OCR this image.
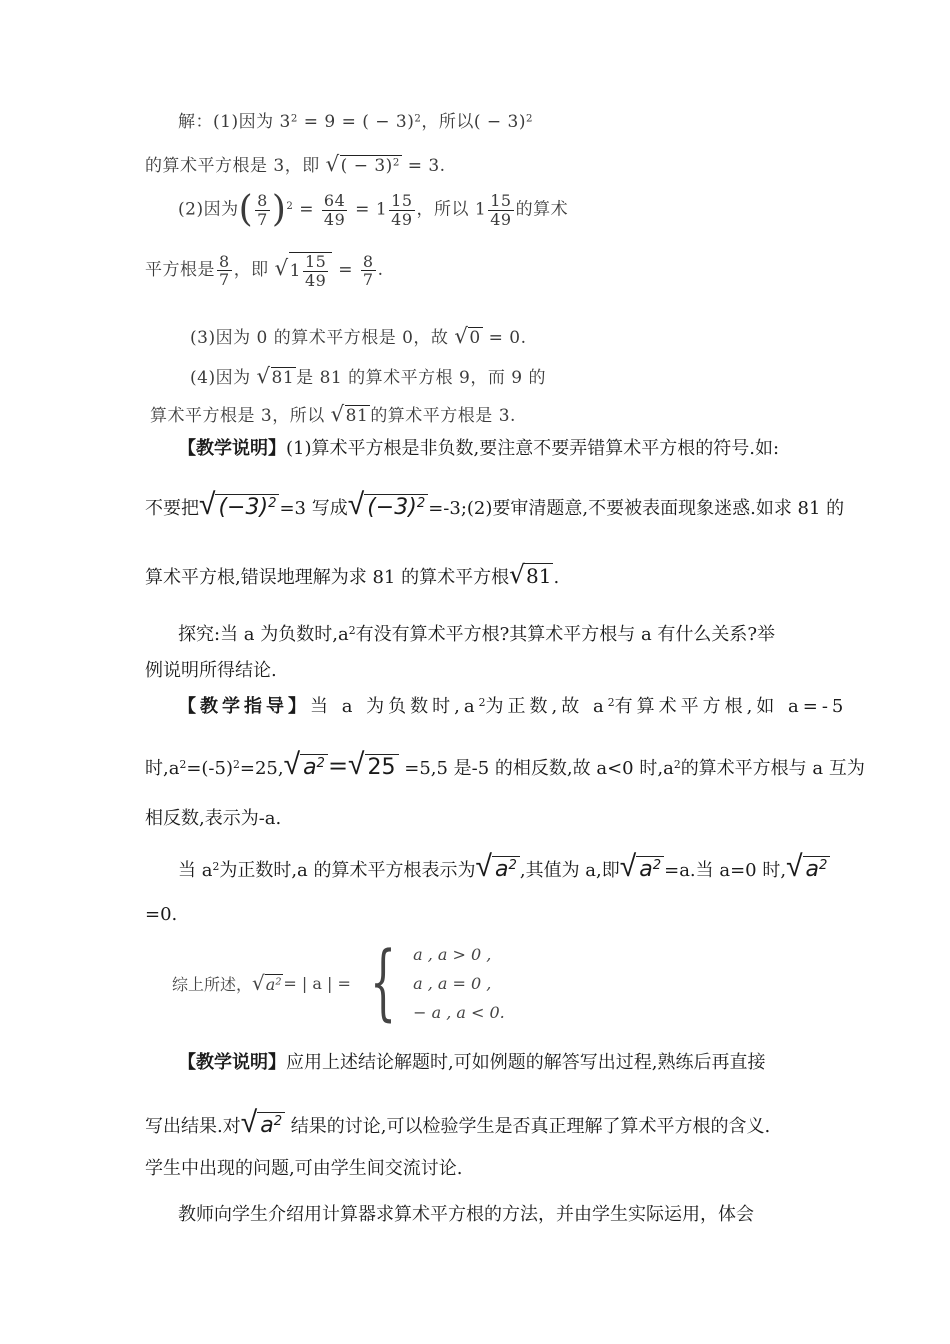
解：(1)因为 $3^2 = 9$ = ( − 3)$^2$，所以( − 3)$^2$
的算术平方根是 3，即 √( − 3)$^2$ = 3.
(2)因为( $\frac{8}{7} )^2 = \frac{64}{49} = 1 \frac{15}{49}$ ，所以 $1 \frac{15}{49}$ 的算术
平方根是 $\frac{8}{7}$ ，即 √ $1 \frac{15}{49} = \frac{8}{7}$ .
(3)因为 0 的算术平方根是 0，故 √0 = 0.
(4)因为 √81 是 81 的算术平方根 9，而 9 的
算术平方根是 3，所以 √81 的算术平方根是 3.
【教学说明】(1)算术平方根是非负数,要注意不要弄错算术平方根的符号.如:
不要把√ $(-3)^2 =3$ 写成√ $(-3)^2$ =-3;(2)要审清题意,不要被表面现象迷惑.如求 81 的
算术平方根,错误地理解为求 81 的算术平方根√81 .
探究:当 a 为负数时$,a^2$有没有算术平方根?其算术平方根与 a 有什么关系?举
例说明所得结论.
【教学指导】当 a 为负数时$,a^2$为正数,故 $a^2$有算术平方根,如 a=-5
时$,a^2=(-5)^2=25,√$ $a^2$ =√ 25 =5,5 是-5 的相反数,故 a<0 时$,a^2$的算术平方根与 a 互为
相反数,表示为-a.
当 $a^2$为正数时,a 的算术平方根表示为√ $a^2$ ,其值为 a,即√ $a^2 =a$.当 a=0 时,√ $a^2$
=0.
综上所述， $√a^2$ = | a | = { a , a > 0 ,
a , a = 0 ,
− a , a < 0.
【教学说明】应用上述结论解题时,可如例题的解答写出过程,熟练后再直接
写出结果.对√ $a^2$ 结果的讨论,可以检验学生是否真正理解了算术平方根的含义.
学生中出现的问题,可由学生间交流讨论.
教师向学生介绍用计算器求算术平方根的方法，并由学生实际运用，体会
